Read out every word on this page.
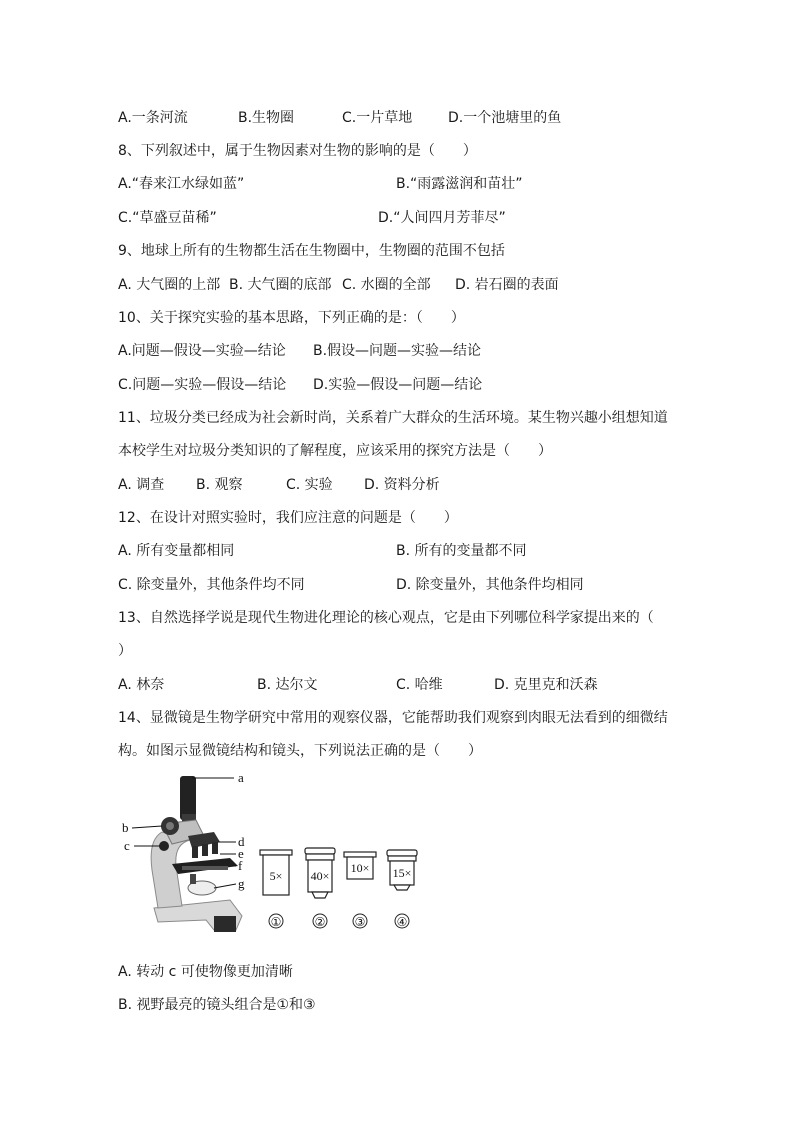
A.一条河流	B.生物圈	C.一片草地	D.一个池塘里的鱼
8、下列叙述中，属于生物因素对生物的影响的是（　　）
A.“春来江水绿如蓝”	B.“雨露滋润和苗壮”
C.“草盛豆苗稀”	D.“人间四月芳菲尽”
9、地球上所有的生物都生活在生物圈中，生物圈的范围不包括
A. 大气圈的上部 B. 大气圈的底部 C. 水圈的全部 D. 岩石圈的表面
10、关于探究实验的基本思路，下列正确的是：（　　）
A.问题—假设—实验—结论 B.假设—问题—实验—结论
C.问题—实验—假设—结论 D.实验—假设—问题—结论
11、垃圾分类已经成为社会新时尚，关系着广大群众的生活环境。某生物兴趣小组想知道
本校学生对垃圾分类知识的了解程度，应该采用的探究方法是（　　）
A. 调查 B. 观察	C. 实验 D. 资料分析
12、在设计对照实验时，我们应注意的问题是（　　）
A. 所有变量都相同	B. 所有的变量都不同
C. 除变量外，其他条件均不同	D. 除变量外，其他条件均相同
13、自然选择学说是现代生物进化理论的核心观点，它是由下列哪位科学家提出来的（
）
A. 林奈	B. 达尔文	C. 哈维	D. 克里克和沃森
14、显微镜是生物学研究中常用的观察仪器，它能帮助我们观察到肉眼无法看到的细微结
构。如图示显微镜结构和镜头，下列说法正确的是（　　）
a
b
c	d
e
f
g 5×
①
40×
②
10×
③
15×
④
A. 转动 c 可使物像更加清晰
B. 视野最亮的镜头组合是①和③
